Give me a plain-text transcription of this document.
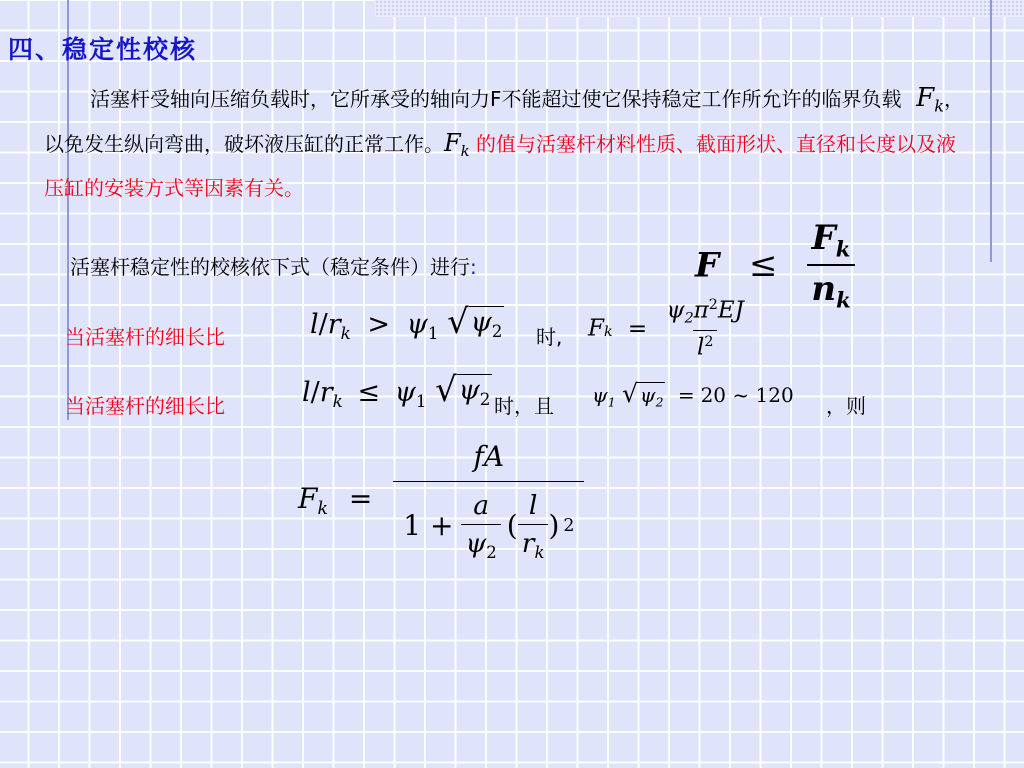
四、稳定性校核
活塞杆受轴向压缩负载时，它所承受的轴向力F不能超过使它保持稳定工作所允许的临界负载 $F_k$，以免发生纵向弯曲，破坏液压缸的正常工作。$F_k$ 的值与活塞杆材料性质、截面形状、直径和长度以及液压缸的安装方式等因素有关。
活塞杆稳定性的校核依下式（稳定条件）进行:	$F \le \frac{F_k}{n_k}$
当活塞杆的细长比	$l/r_k > \psi_1$ √ $\psi_2$ 时, $Fk = \frac{\psi_2\pi^2EJ}{l^2}$
当活塞杆的细长比	$l/r_k \le \psi_1$ √ $\psi_2$ 时，且 $\psi_1$ √ $\psi_2 = 20$ ~ 120 ，则
$F_k$ =
fA
$1 + \frac{a}{\psi_2}$ ( $\frac{l}{r_k}$ ) 2
